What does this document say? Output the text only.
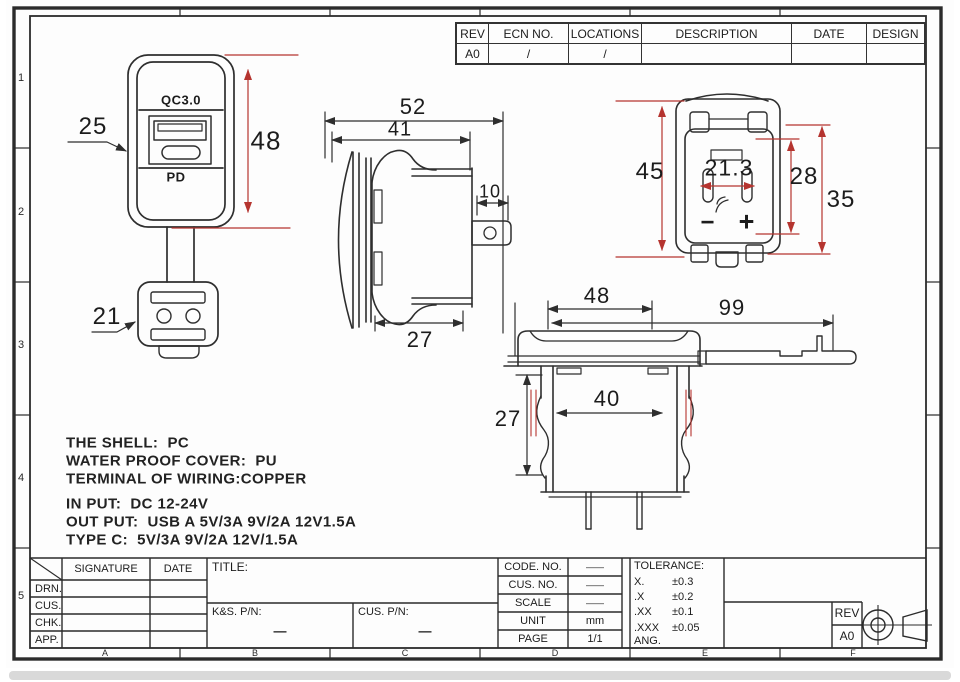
REV	ECN NO.	LOCATIONS	DESCRIPTION	DATE	DESIGN
A0	/	/
A	B	C	D	E	F
1
2
3
4
5
QC3.0
PD
48
25
21
52
41
10
27
45 21.3 28
35
− +
48	99
40
27
THE SHELL:  PC
WATER PROOF COVER:  PU
TERMINAL OF WIRING:COPPER
IN PUT:  DC 12-24V
OUT PUT:  USB A 5V/3A 9V/2A 12V1.5A
TYPE C:  5V/3A 9V/2A 12V/1.5A
SIGNATURE DATE
DRN.
CUS.
CHK.
APP.
TITLE:
K&S. P/N:
—
CUS. P/N:
—
CODE. NO.	——
CUS. NO.	——
SCALE	——
UNIT	mm
PAGE	1/1
TOLERANCE:
X.	±0.3
.X	±0.2
.XX ±0.1
.XXX ±0.05
ANG.
REV
A0
